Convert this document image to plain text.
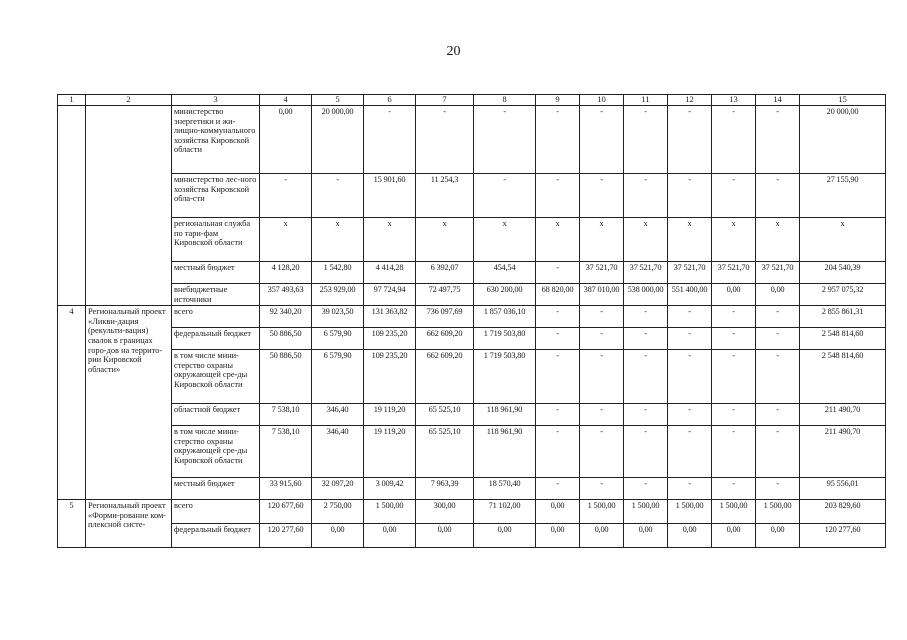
20
1	2	3	4	5	6	7	8	9	10	11	12	13	14	15
		министерство энергетики и жи-лищно-коммунального хозяйства Кировской области	0,00	20 000,00	-	-	-	-	-	-	-	-	-	20 000,00
		министерство лес-ного хозяйства Кировской обла-сти	-	-	15 901,60	11 254,3	-	-	-	-	-	-	-	27 155,90
		региональная служба по тари-фам Кировской области	х	х	х	х	х	х	х	х	х	х	х	х
		местный бюджет	4 128,20	1 542,80	4 414,28	6 392,07	454,54	-	37 521,70	37 521,70	37 521,70	37 521,70	37 521,70	204 540,39
		внебюджетные источники	357 493,63	253 929,00	97 724,94	72 497,75	630 200,00	68 820,00	387 010,00	538 000,00	551 400,00	0,00	0,00	2 957 075,32
4	Региональный проект «Ликви-дация (рекульти-вация) свалок в границах горо-дов на террито-рии Кировской области»	всего	92 340,20	39 023,50	131 363,82	736 097,69	1 857 036,10	-	-	-	-	-	-	2 855 861,31
		федеральный бюджет	50 886,50	6 579,90	109 235,20	662 609,20	1 719 503,80	-	-	-	-	-	-	2 548 814,60
		в том числе мини-стерство охраны окружающей сре-ды Кировской области	50 886,50	6 579,90	109 235,20	662 609,20	1 719 503,80	-	-	-	-	-	-	2 548 814,60
		областной бюджет	7 538,10	346,40	19 119,20	65 525,10	118 961,90	-	-	-	-	-	-	211 490,70
		в том числе мини-стерство охраны окружающей сре-ды Кировской области	7 538,10	346,40	19 119,20	65 525,10	118 961,90	-	-	-	-	-	-	211 490,70
		местный бюджет	33 915,60	32 097,20	3 009,42	7 963,39	18 570,40	-	-	-	-	-	-	95 556,01
5	Региональный проект «Форми-рование ком-плексной систе-	всего	120 677,60	2 750,00	1 500,00	300,00	71 102,00	0,00	1 500,00	1 500,00	1 500,00	1 500,00	1 500,00	203 829,60
		федеральный бюджет	120 277,60	0,00	0,00	0,00	0,00	0,00	0,00	0,00	0,00	0,00	0,00	120 277,60
